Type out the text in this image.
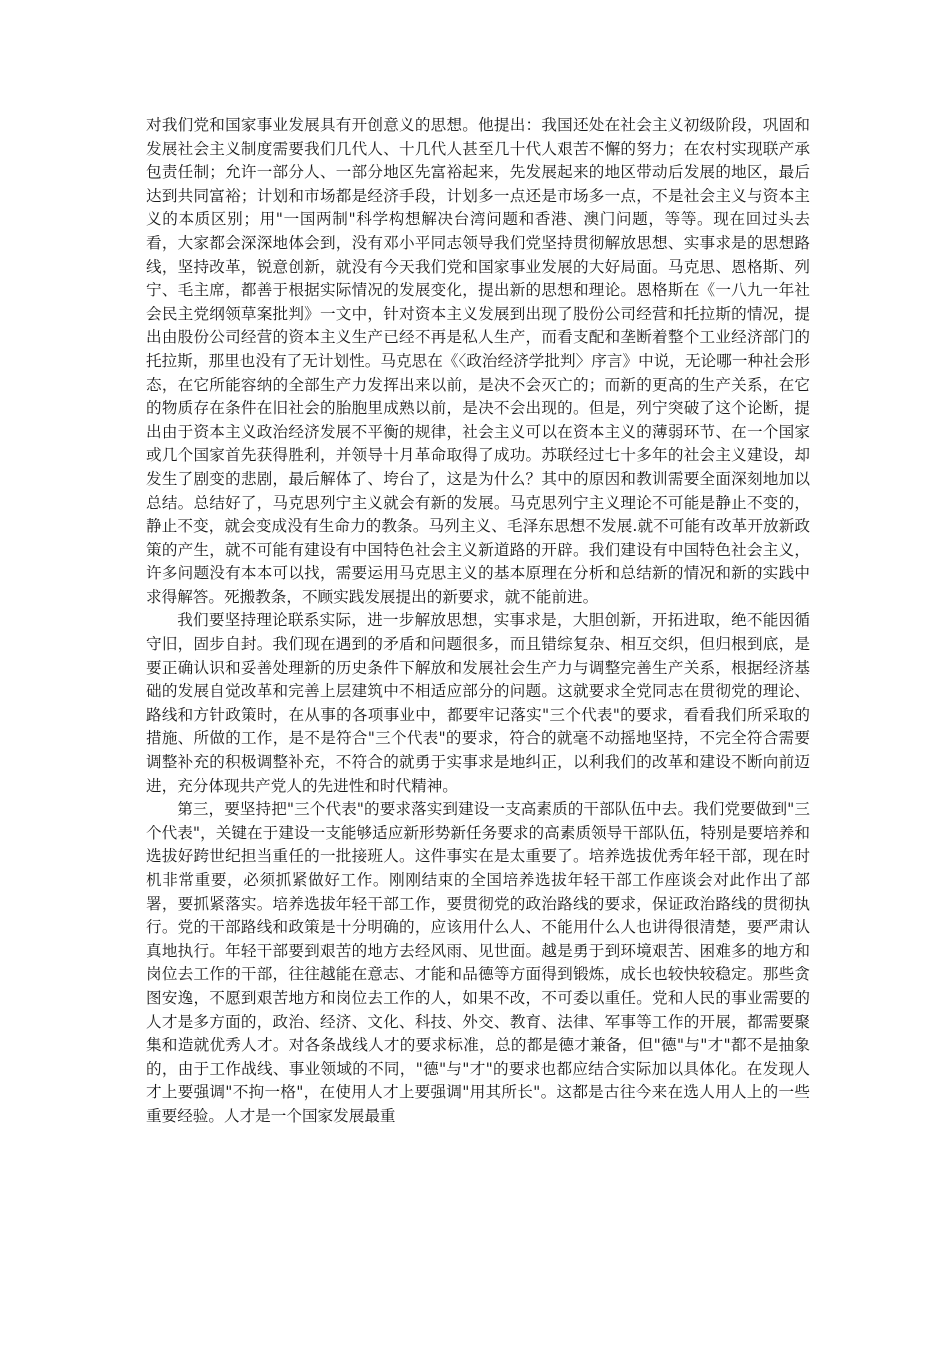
对我们党和国家事业发展具有开创意义的思想。他提出：我国还处在社会主义初级阶段，巩固和发展社会主义制度需要我们几代人、十几代人甚至几十代人艰苦不懈的努力；在农村实现联产承包责任制；允许一部分人、一部分地区先富裕起来，先发展起来的地区带动后发展的地区，最后达到共同富裕；计划和市场都是经济手段，计划多一点还是市场多一点，不是社会主义与资本主义的本质区别；用"一国两制"科学构想解决台湾问题和香港、澳门问题，等等。现在回过头去看，大家都会深深地体会到，没有邓小平同志领导我们党坚持贯彻解放思想、实事求是的思想路线，坚持改革，锐意创新，就没有今天我们党和国家事业发展的大好局面。马克思、恩格斯、列宁、毛主席，都善于根据实际情况的发展变化，提出新的思想和理论。恩格斯在《一八九一年社会民主党纲领草案批判》一文中，针对资本主义发展到出现了股份公司经营和托拉斯的情况，提出由股份公司经营的资本主义生产已经不再是私人生产，而看支配和垄断着整个工业经济部门的托拉斯，那里也没有了无计划性。马克思在《〈政治经济学批判〉序言》中说，无论哪一种社会形态，在它所能容纳的全部生产力发挥出来以前，是决不会灭亡的；而新的更高的生产关系，在它的物质存在条件在旧社会的胎胞里成熟以前，是决不会出现的。但是，列宁突破了这个论断，提出由于资本主义政治经济发展不平衡的规律，社会主义可以在资本主义的薄弱环节、在一个国家或几个国家首先获得胜利，并领导十月革命取得了成功。苏联经过七十多年的社会主义建设，却发生了剧变的悲剧，最后解体了、垮台了，这是为什么？其中的原因和教训需要全面深刻地加以总结。总结好了，马克思列宁主义就会有新的发展。马克思列宁主义理论不可能是静止不变的，静止不变，就会变成没有生命力的教条。马列主义、毛泽东思想不发展.就不可能有改革开放新政策的产生，就不可能有建设有中国特色社会主义新道路的开辟。我们建设有中国特色社会主义，许多问题没有本本可以找，需要运用马克思主义的基本原理在分析和总结新的情况和新的实践中求得解答。死搬教条，不顾实践发展提出的新要求，就不能前进。

我们要坚持理论联系实际，进一步解放思想，实事求是，大胆创新，开拓进取，绝不能因循守旧，固步自封。我们现在遇到的矛盾和问题很多，而且错综复杂、相互交织，但归根到底，是要正确认识和妥善处理新的历史条件下解放和发展社会生产力与调整完善生产关系，根据经济基础的发展自觉改革和完善上层建筑中不相适应部分的问题。这就要求全党同志在贯彻党的理论、路线和方针政策时，在从事的各项事业中，都要牢记落实"三个代表"的要求，看看我们所采取的措施、所做的工作，是不是符合"三个代表"的要求，符合的就毫不动摇地坚持，不完全符合需要调整补充的积极调整补充，不符合的就勇于实事求是地纠正，以利我们的改革和建设不断向前迈进，充分体现共产党人的先进性和时代精神。

第三，要坚持把"三个代表"的要求落实到建设一支高素质的干部队伍中去。我们党要做到"三个代表"，关键在于建设一支能够适应新形势新任务要求的高素质领导干部队伍，特别是要培养和选拔好跨世纪担当重任的一批接班人。这件事实在是太重要了。培养选拔优秀年轻干部，现在时机非常重要，必须抓紧做好工作。刚刚结束的全国培养选拔年轻干部工作座谈会对此作出了部署，要抓紧落实。培养选拔年轻干部工作，要贯彻党的政治路线的要求，保证政治路线的贯彻执行。党的干部路线和政策是十分明确的，应该用什么人、不能用什么人也讲得很清楚，要严肃认真地执行。年轻干部要到艰苦的地方去经风雨、见世面。越是勇于到环境艰苦、困难多的地方和岗位去工作的干部，往往越能在意志、才能和品德等方面得到锻炼，成长也较快较稳定。那些贪图安逸，不愿到艰苦地方和岗位去工作的人，如果不改，不可委以重任。党和人民的事业需要的人才是多方面的，政治、经济、文化、科技、外交、教育、法律、军事等工作的开展，都需要聚集和造就优秀人才。对各条战线人才的要求标准，总的都是德才兼备，但"德"与"才"都不是抽象的，由于工作战线、事业领域的不同，"德"与"才"的要求也都应结合实际加以具体化。在发现人才上要强调"不拘一格"，在使用人才上要强调"用其所长"。这都是古往今来在选人用人上的一些重要经验。人才是一个国家发展最重
